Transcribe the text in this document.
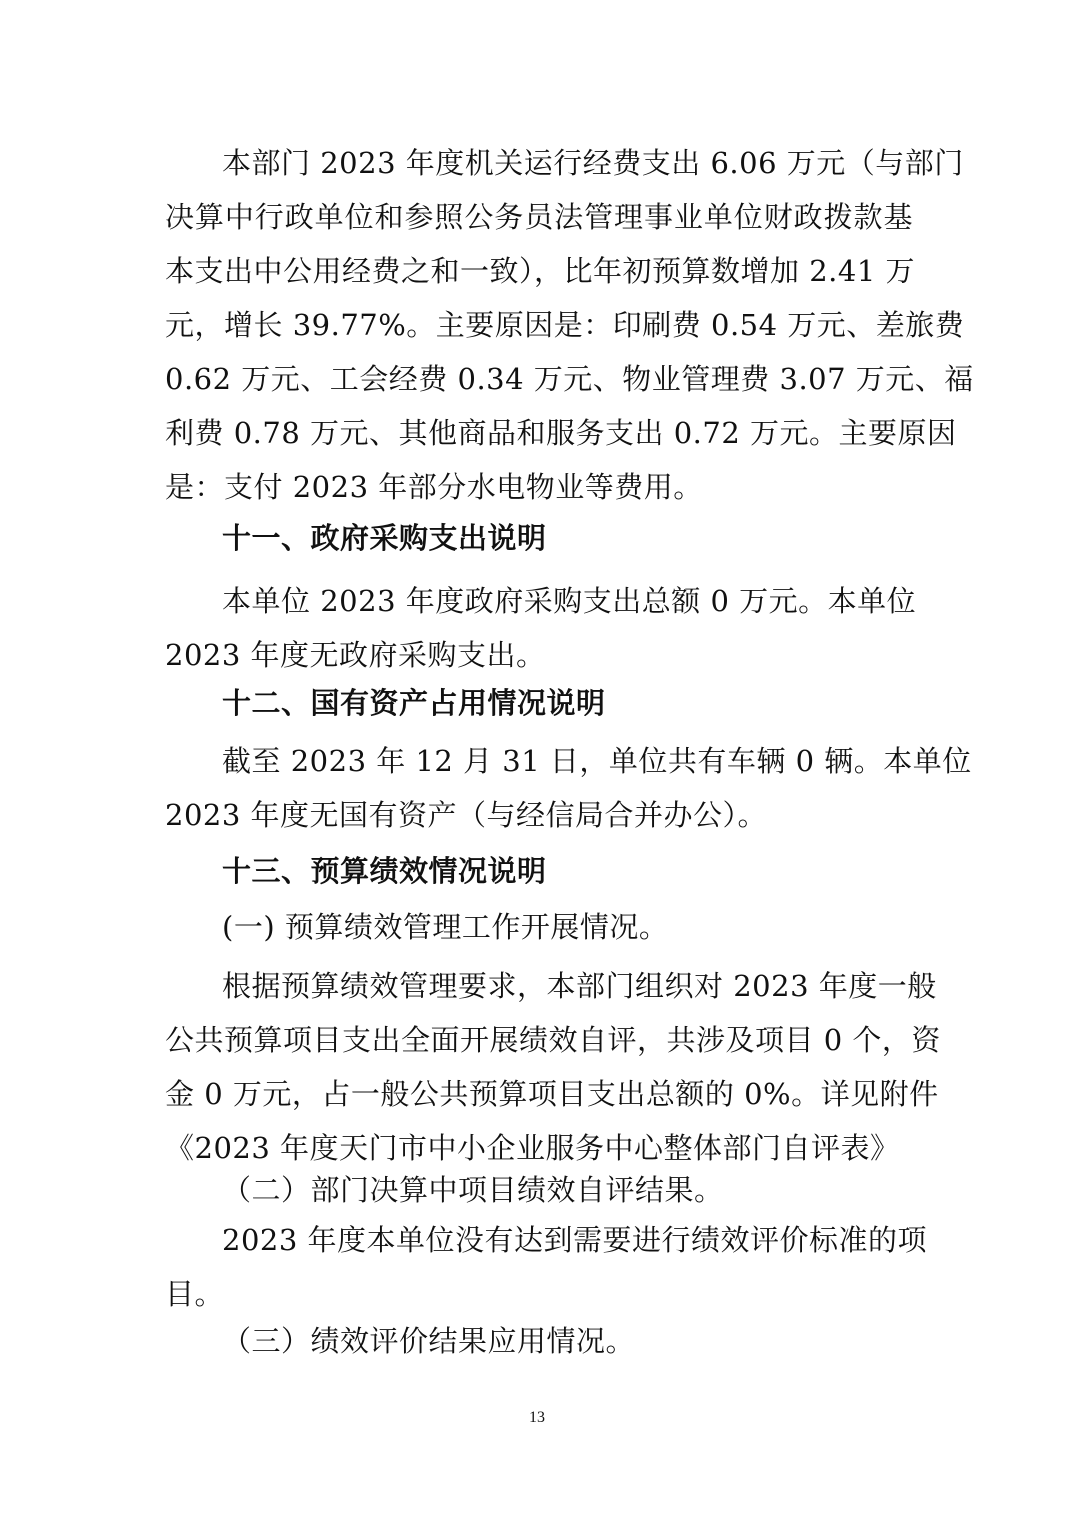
本部门 2023 年度机关运行经费支出 6.06 万元（与部门
决算中行政单位和参照公务员法管理事业单位财政拨款基
本支出中公用经费之和一致），比年初预算数增加 2.41 万
元，增长 39.77%。主要原因是：印刷费 0.54 万元、差旅费
0.62 万元、工会经费 0.34 万元、物业管理费 3.07 万元、福
利费 0.78 万元、其他商品和服务支出 0.72 万元。主要原因
是：支付 2023 年部分水电物业等费用。
十一、政府采购支出说明
本单位 2023 年度政府采购支出总额 0 万元。本单位
2023 年度无政府采购支出。
十二、国有资产占用情况说明
截至 2023 年 12 月 31 日，单位共有车辆 0 辆。本单位
2023 年度无国有资产（与经信局合并办公）。
十三、预算绩效情况说明
(一) 预算绩效管理工作开展情况。
根据预算绩效管理要求，本部门组织对 2023 年度一般
公共预算项目支出全面开展绩效自评，共涉及项目 0 个，资
金 0 万元，占一般公共预算项目支出总额的 0%。详见附件
《2023 年度天门市中小企业服务中心整体部门自评表》
（二）部门决算中项目绩效自评结果。
2023 年度本单位没有达到需要进行绩效评价标准的项
目。
（三）绩效评价结果应用情况。
13
